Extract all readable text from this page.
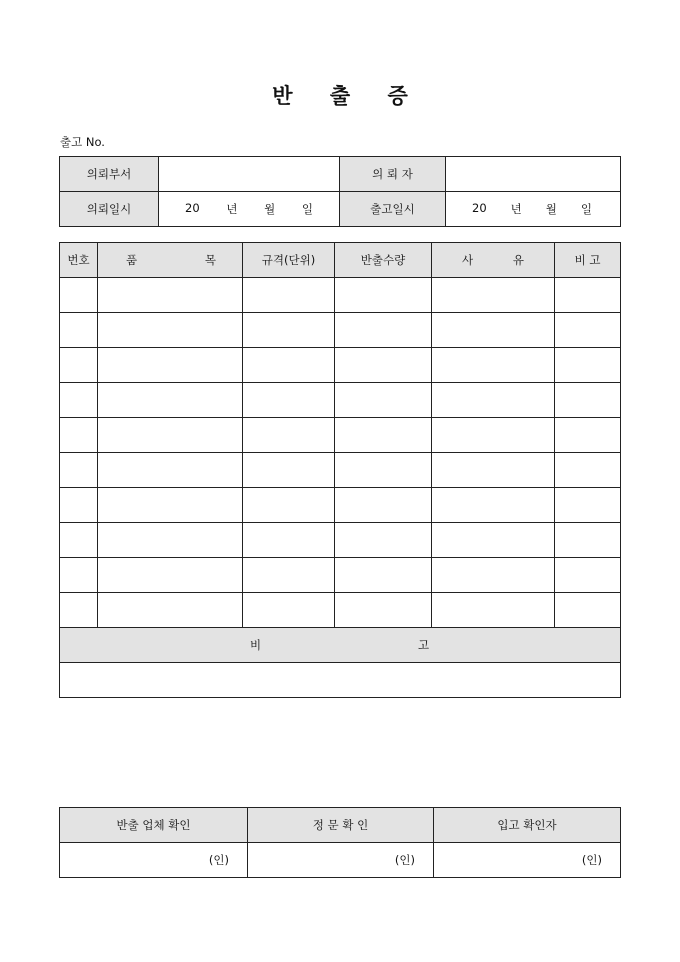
반 출 증
출고 No.
의뢰부서		의 뢰 자	
의뢰일시	20 년 월 일	출고일시	20 년 월 일
번호	품 목	규격(단위)	반출수량	사 유	비 고

비 고					

반출 업체 확인	정 문 확 인	입고 확인자
(인)	(인)	(인)
